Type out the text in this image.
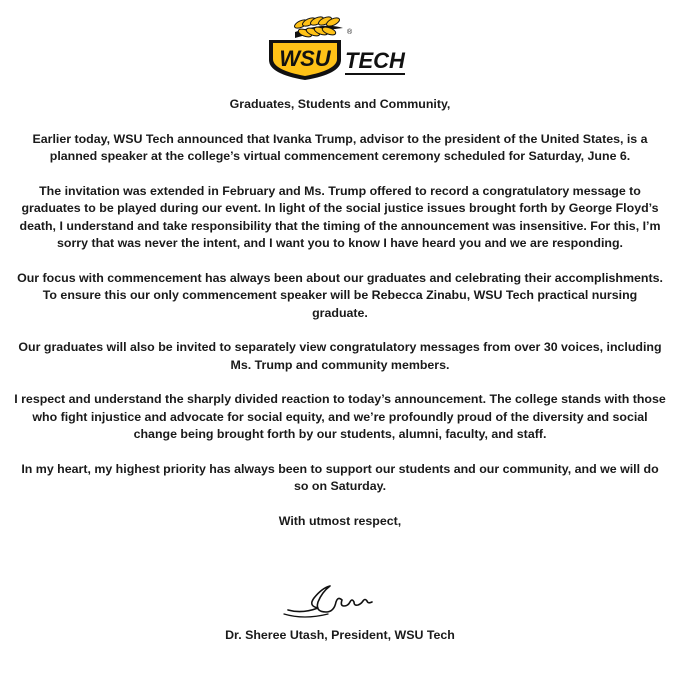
WSU TECH
®

Graduates, Students and Community,

Earlier today, WSU Tech announced that Ivanka Trump, advisor to the president of the United States, is a planned speaker at the college’s virtual commencement ceremony scheduled for Saturday, June 6.

The invitation was extended in February and Ms. Trump offered to record a congratulatory message to graduates to be played during our event. In light of the social justice issues brought forth by George Floyd’s death, I understand and take responsibility that the timing of the announcement was insensitive. For this, I’m sorry that was never the intent, and I want you to know I have heard you and we are responding.

Our focus with commencement has always been about our graduates and celebrating their accomplishments. To ensure this our only commencement speaker will be Rebecca Zinabu, WSU Tech practical nursing graduate.

Our graduates will also be invited to separately view congratulatory messages from over 30 voices, including Ms. Trump and community members.

I respect and understand the sharply divided reaction to today’s announcement. The college stands with those who fight injustice and advocate for social equity, and we’re profoundly proud of the diversity and social change being brought forth by our students, alumni, faculty, and staff.

In my heart, my highest priority has always been to support our students and our community, and we will do so on Saturday.

With utmost respect,

Dr. Sheree Utash, President, WSU Tech
